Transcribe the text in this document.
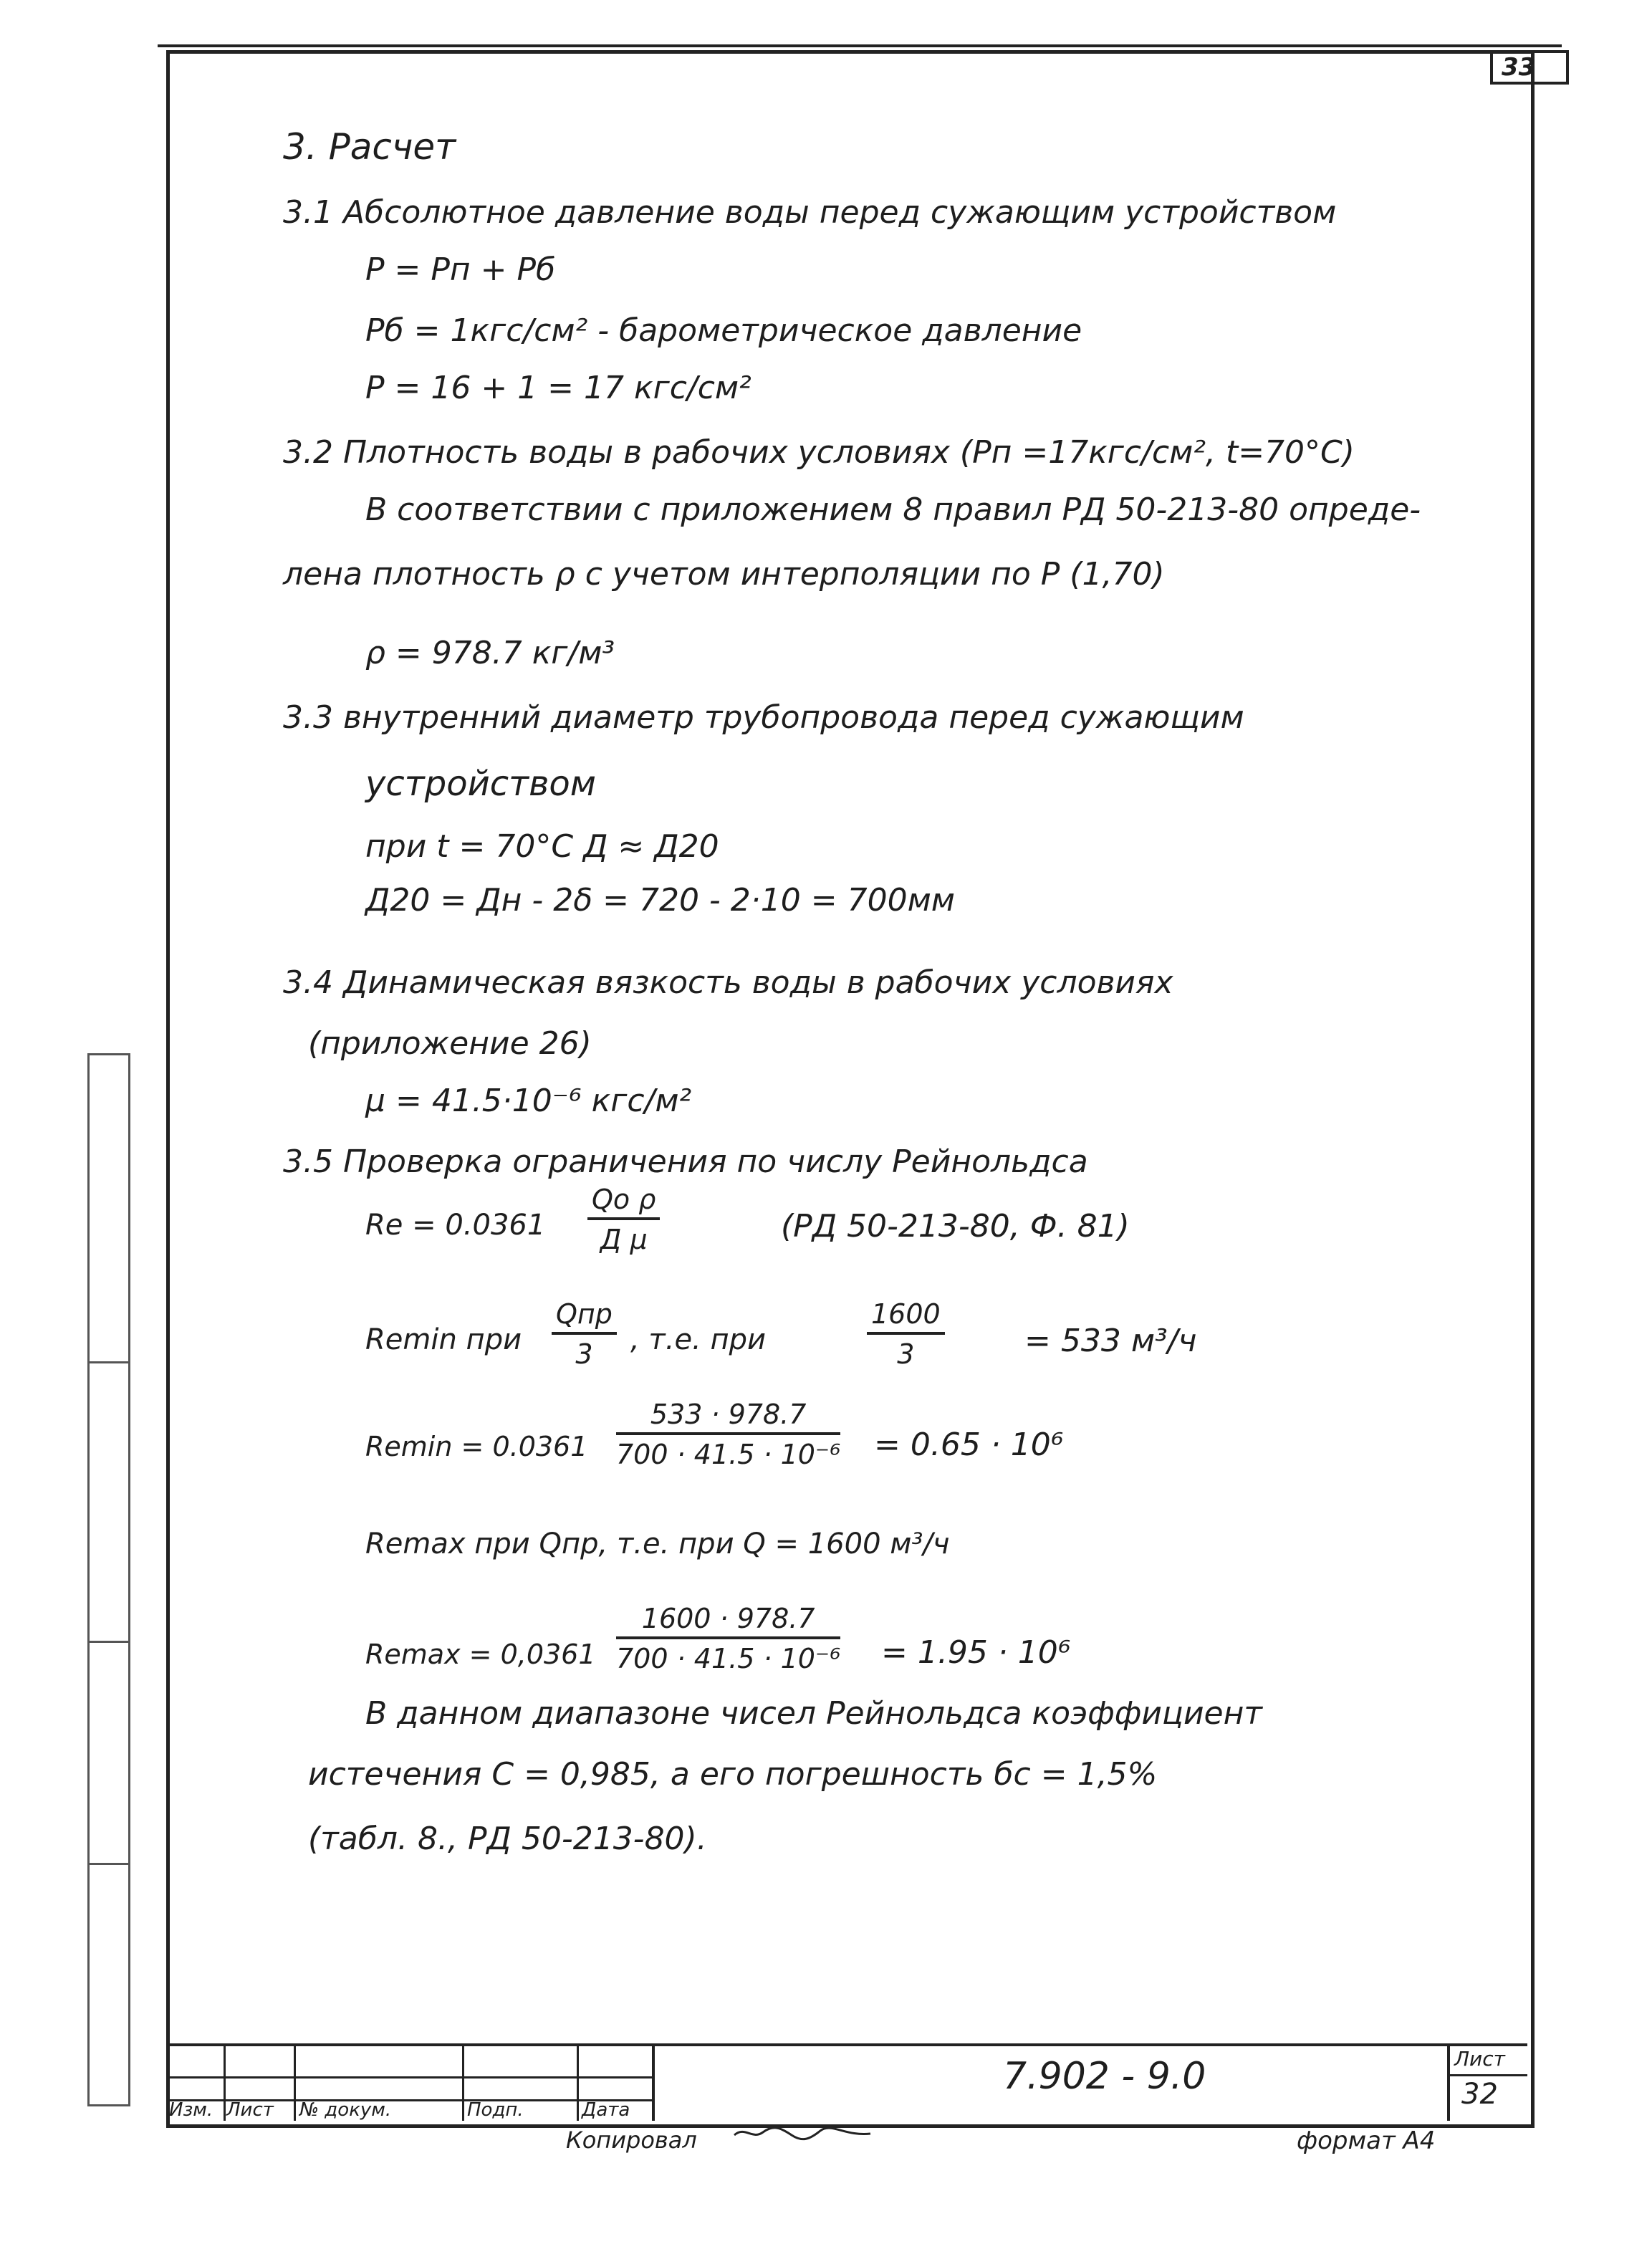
33
3. Расчет
3.1 Абсолютное давление воды перед сужающим устройством
P = Pп + Pб
Pб = 1кгс/см² - барометрическое давление
P = 16 + 1 = 17 кгс/см²
3.2 Плотность воды в рабочих условиях (Pп =17кгс/см², t=70°С)
В соответствии с приложением 8 правил РД 50-213-80 опреде-
лена плотность ρ с учетом интерполяции по P (1,70)
ρ = 978.7 кг/м³
3.3 внутренний диаметр трубопровода перед сужающим
устройством
при t = 70°С Д ≈ Д20
Д20 = Дн - 2δ = 720 - 2·10 = 700мм
3.4 Динамическая вязкость воды в рабочих условиях
(приложение 26)
μ = 41.5·10⁻⁶ кгс/м²
3.5 Проверка ограничения по числу Рейнольдса
Re = 0.0361
Qо ρ
Д μ	(РД 50-213-80, Ф. 81)
Remin при
Qпр
3	, т.е. при	$\frac{1600}{3}$	= 533 м³/ч
$Remin = 0.0361 \frac{533 \cdot 978.7}{\text{700 · 41.5 · 10⁻⁶}} = 0.65 \cdot 10^6$
Remax при Qпр, т.е. при Q = 1600 м³/ч
$Remax = 0,0361 \frac{1600 \cdot 978.7}{\text{700 · 41.5 · 10⁻⁶}} = 1.95 \cdot 10^6$
В данном диапазоне чисел Рейнольдса коэффициент
истечения C = 0,985, а его погрешность бс = 1,5%
(табл. 8., РД 50-213-80).
Изм. Лист № докум.	Подп.	Дата
7.902 - 9.0	Лист
32
Копировал	формат А4
